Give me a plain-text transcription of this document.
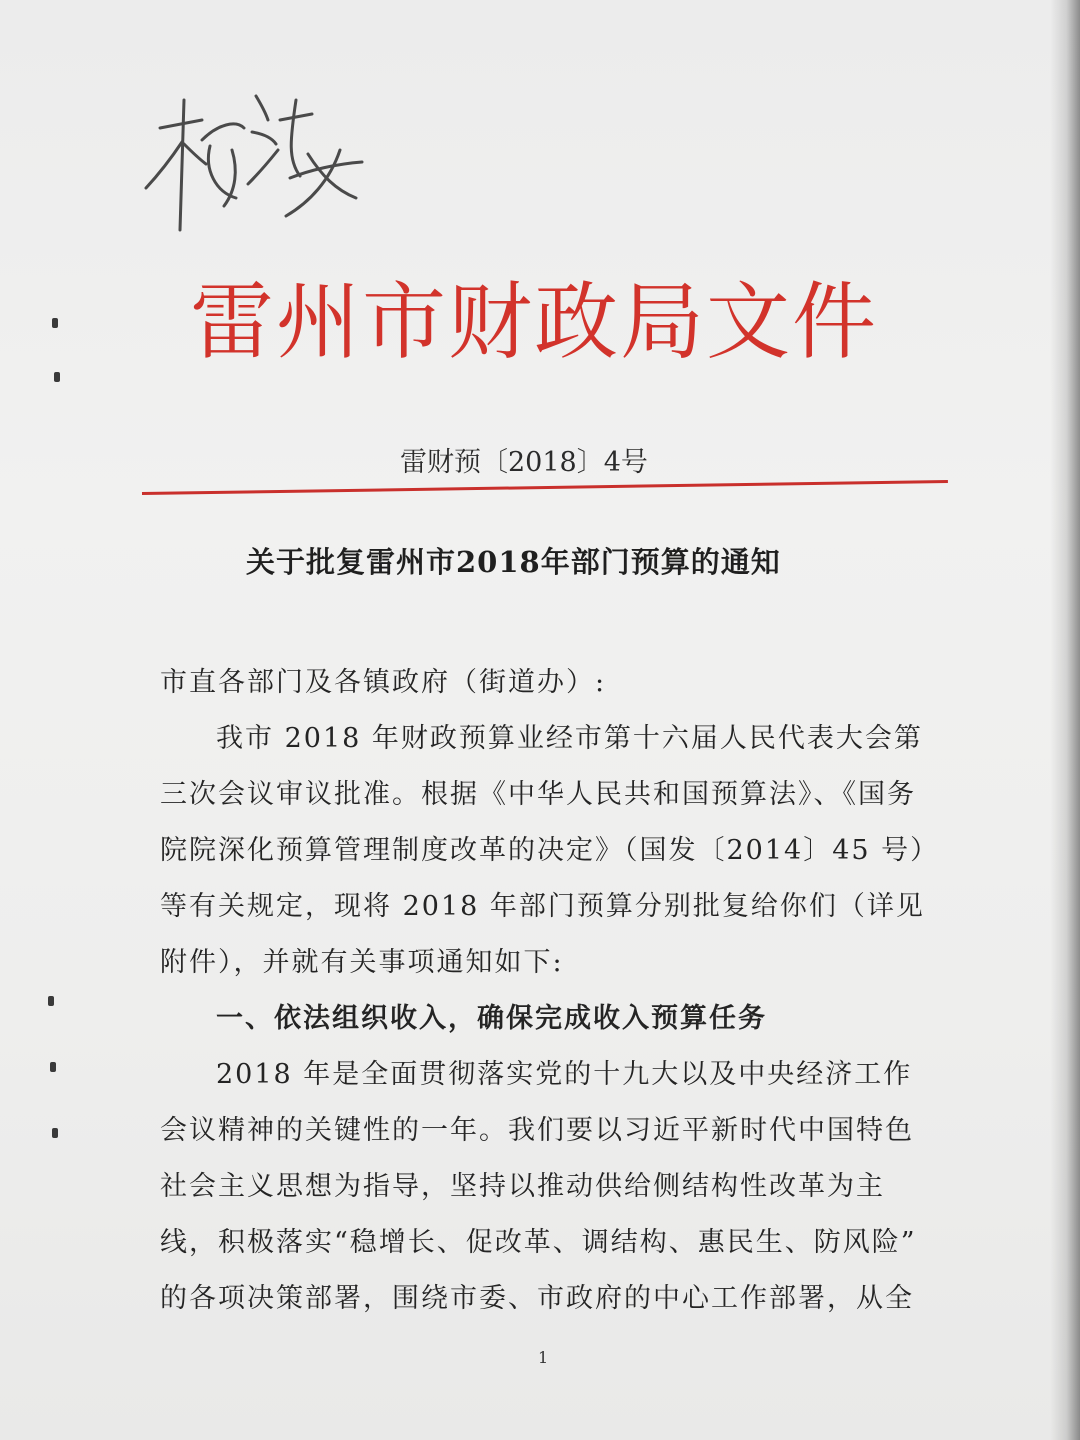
雷州市财政局文件
雷财预〔2018〕4号
关于批复雷州市2018年部门预算的通知
市直各部门及各镇政府（街道办）:
我市 2018 年财政预算业经市第十六届人民代表大会第
三次会议审议批准。根据《中华人民共和国预算法》、《国务
院院深化预算管理制度改革的决定》（国发〔2014〕45 号）
等有关规定，现将 2018 年部门预算分别批复给你们（详见
附件），并就有关事项通知如下:
一、依法组织收入，确保完成收入预算任务
2018 年是全面贯彻落实党的十九大以及中央经济工作
会议精神的关键性的一年。我们要以习近平新时代中国特色
社会主义思想为指导，坚持以推动供给侧结构性改革为主
线，积极落实“稳增长、促改革、调结构、惠民生、防风险”
的各项决策部署，围绕市委、市政府的中心工作部署，从全
1
